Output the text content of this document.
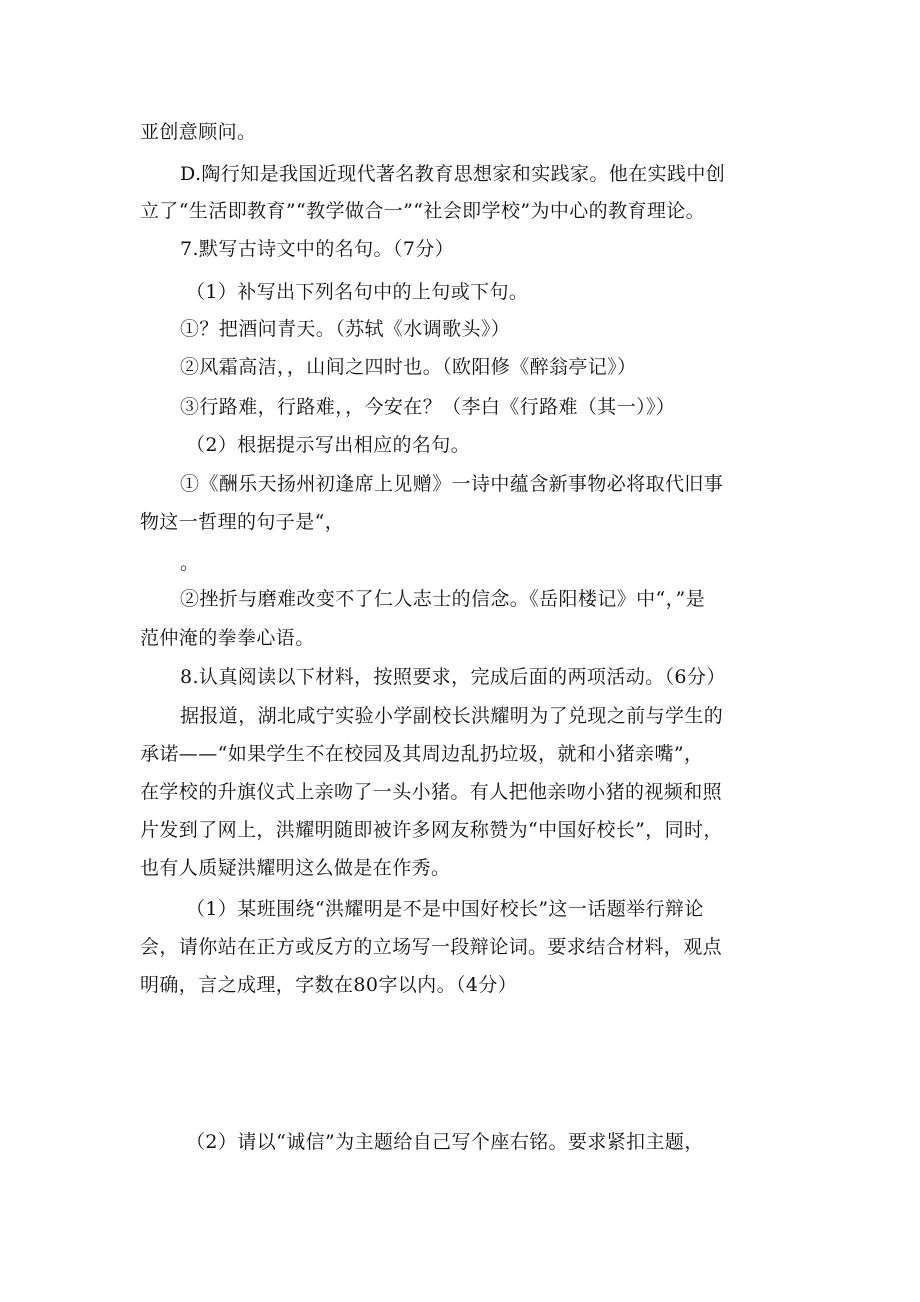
亚创意顾问。
D.陶行知是我国近现代著名教育思想家和实践家。他在实践中创
立了“生活即教育”“教学做合一”“社会即学校”为中心的教育理论。
7.默写古诗文中的名句。（7分）
（1）补写出下列名句中的上句或下句。
①？把酒问青天。（苏轼《水调歌头》）
②风霜高洁，，山间之四时也。（欧阳修《醉翁亭记》）
③行路难，行路难，，今安在？（李白《行路难（其一）》）
（2）根据提示写出相应的名句。
①《酬乐天扬州初逢席上见赠》一诗中蕴含新事物必将取代旧事
物这一哲理的句子是“，
。
②挫折与磨难改变不了仁人志士的信念。《岳阳楼记》中“，”是
范仲淹的拳拳心语。
8.认真阅读以下材料，按照要求，完成后面的两项活动。（6分）
据报道，湖北咸宁实验小学副校长洪耀明为了兑现之前与学生的
承诺——“如果学生不在校园及其周边乱扔垃圾，就和小猪亲嘴”，
在学校的升旗仪式上亲吻了一头小猪。有人把他亲吻小猪的视频和照
片发到了网上，洪耀明随即被许多网友称赞为“中国好校长”，同时，
也有人质疑洪耀明这么做是在作秀。
（1）某班围绕“洪耀明是不是中国好校长”这一话题举行辩论
会，请你站在正方或反方的立场写一段辩论词。要求结合材料，观点
明确，言之成理，字数在80字以内。（4分）
（2）请以“诚信”为主题给自己写个座右铭。要求紧扣主题，
